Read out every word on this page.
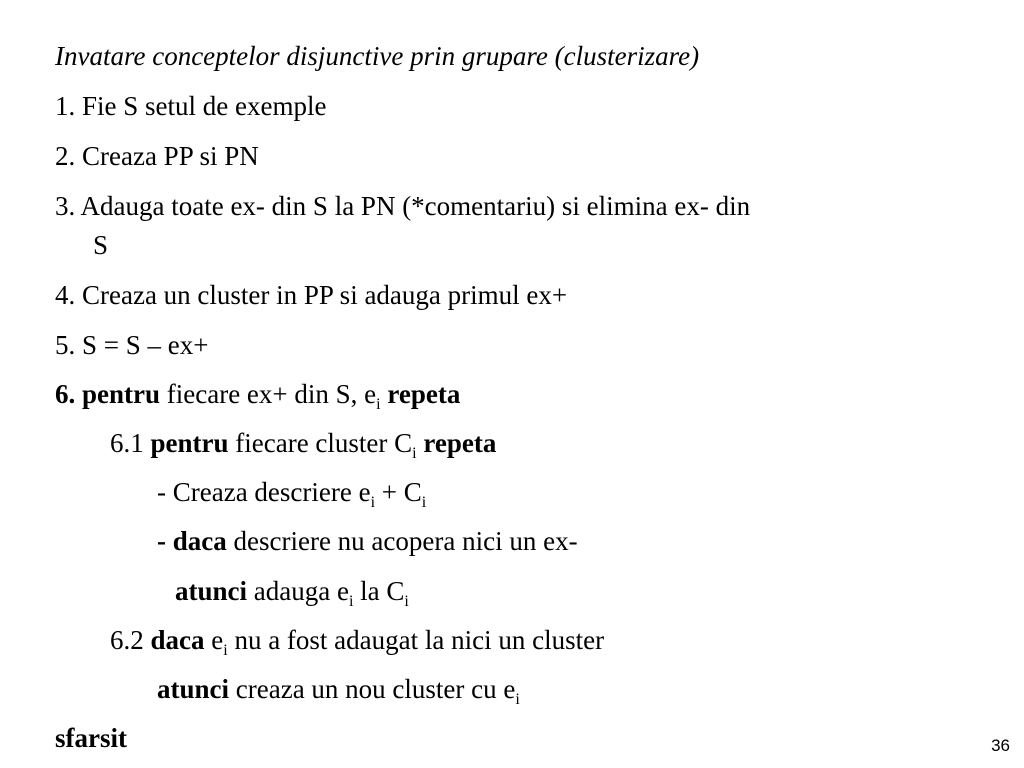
Invatare conceptelor disjunctive prin grupare (clusterizare)
1. Fie S setul de exemple
2. Creaza PP si PN
3. Adauga toate ex- din S la PN (*comentariu) si elimina ex- din
S
4. Creaza un cluster in PP si adauga primul ex+
5. S = S – ex+
6. pentru fiecare ex+ din S, $e_i$ repeta
6.1 pentru fiecare cluster $C_i$ repeta
- Creaza descriere $e_i + C_i$
- daca descriere nu acopera nici un ex-
atunci adauga $e_i$ la $C_i$
6.2 daca $e_i$ nu a fost adaugat la nici un cluster
atunci creaza un nou cluster cu $e_i$
sfarsit	36
